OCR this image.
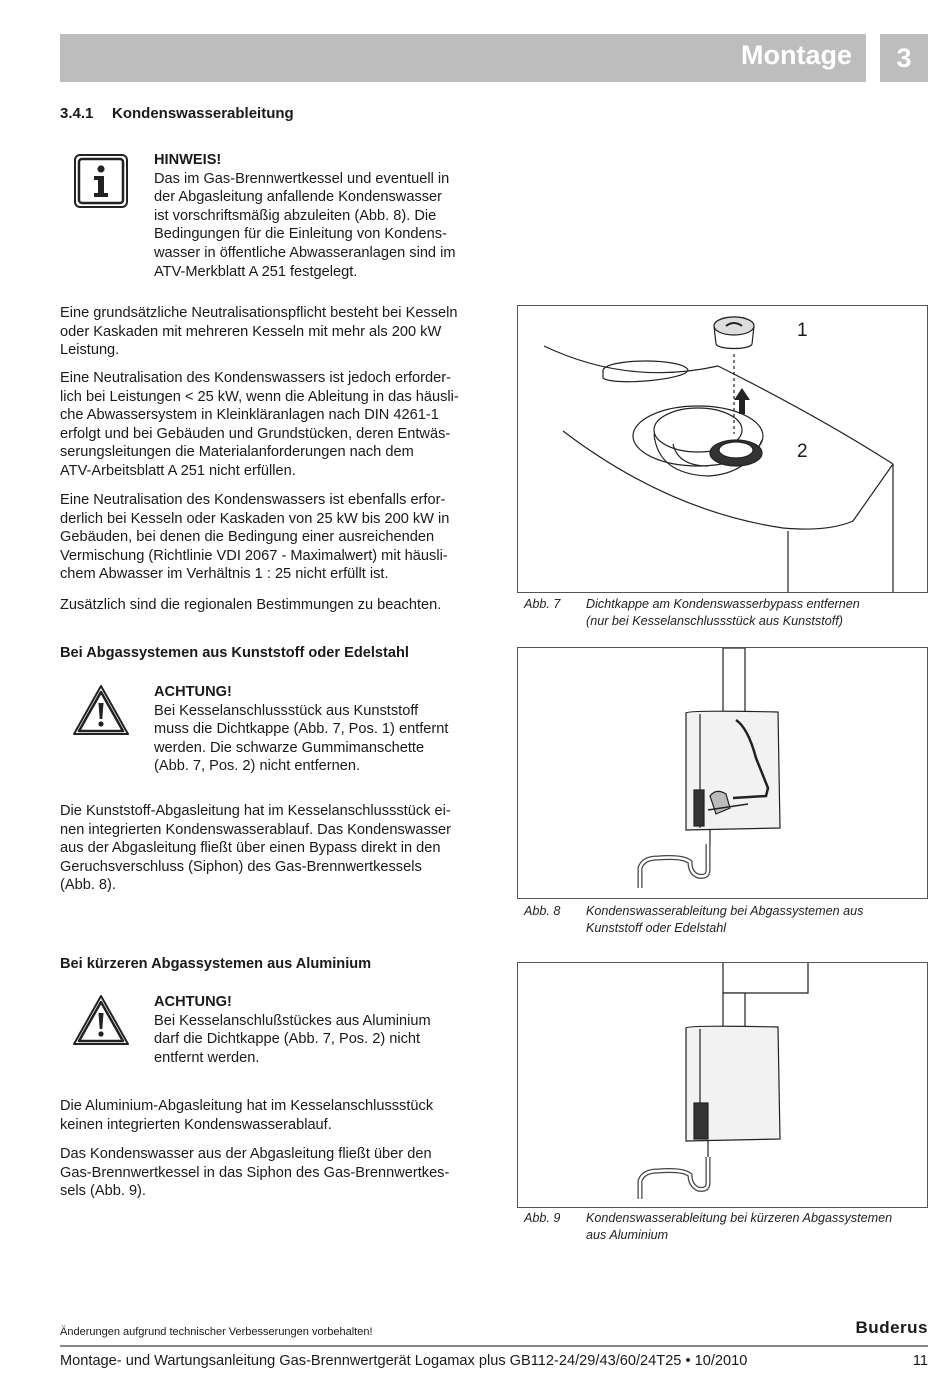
Montage	3
3.4.1 Kondenswasserableitung
HINWEIS!
Das im Gas-Brennwertkessel und eventuell in
der Abgasleitung anfallende Kondenswasser
ist vorschriftsmäßig abzuleiten (Abb. 8). Die
Bedingungen für die Einleitung von Kondens-
wasser in öffentliche Abwasseranlagen sind im
ATV-Merkblatt A 251 festgelegt.
Eine grundsätzliche Neutralisationspflicht besteht bei Kesseln
oder Kaskaden mit mehreren Kesseln mit mehr als 200 kW
Leistung.
Eine Neutralisation des Kondenswassers ist jedoch erforder-
lich bei Leistungen < 25 kW, wenn die Ableitung in das häusli-
che Abwassersystem in Kleinkläranlagen nach DIN 4261-1
erfolgt und bei Gebäuden und Grundstücken, deren Entwäs-
serungsleitungen die Materialanforderungen nach dem
ATV-Arbeitsblatt A 251 nicht erfüllen.
Eine Neutralisation des Kondenswassers ist ebenfalls erfor-
derlich bei Kesseln oder Kaskaden von 25 kW bis 200 kW in
Gebäuden, bei denen die Bedingung einer ausreichenden
Vermischung (Richtlinie VDI 2067 - Maximalwert) mit häusli-
chem Abwasser im Verhältnis 1 : 25 nicht erfüllt ist.
Zusätzlich sind die regionalen Bestimmungen zu beachten.
Bei Abgassystemen aus Kunststoff oder Edelstahl
ACHTUNG!
Bei Kesselanschlussstück aus Kunststoff
muss die Dichtkappe (Abb. 7, Pos. 1) entfernt
werden. Die schwarze Gummimanschette
(Abb. 7, Pos. 2) nicht entfernen.
Die Kunststoff-Abgasleitung hat im Kesselanschlussstück ei-
nen integrierten Kondenswasserablauf. Das Kondenswasser
aus der Abgasleitung fließt über einen Bypass direkt in den
Geruchsverschluss (Siphon) des Gas-Brennwertkessels
(Abb. 8).
Bei kürzeren Abgassystemen aus Aluminium
ACHTUNG!
Bei Kesselanschlußstückes aus Aluminium
darf die Dichtkappe (Abb. 7, Pos. 2) nicht
entfernt werden.
Die Aluminium-Abgasleitung hat im Kesselanschlussstück
keinen integrierten Kondenswasserablauf.
Das Kondenswasser aus der Abgasleitung fließt über den
Gas-Brennwertkessel in das Siphon des Gas-Brennwertkes-
sels (Abb. 9).
1
2
Abb. 7 Dichtkappe am Kondenswasserbypass entfernen
(nur bei Kesselanschlussstück aus Kunststoff)
Abb. 8 Kondenswasserableitung bei Abgassystemen aus
Kunststoff oder Edelstahl
Abb. 9 Kondenswasserableitung bei kürzeren Abgassystemen
aus Aluminium
Änderungen aufgrund technischer Verbesserungen vorbehalten!	Buderus
Montage- und Wartungsanleitung Gas-Brennwertgerät Logamax plus GB112-24/29/43/60/24T25 • 10/2010	11
